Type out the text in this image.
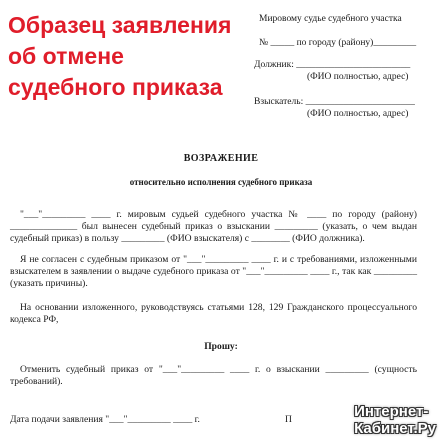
Образец заявления
об отмене
судебного приказа
Мировому судье судебного участка
№ _____ по городу (району)_________
Должник: ________________________
(ФИО полностью, адрес)
Взыскатель: _______________________
(ФИО полностью, адрес)
ВОЗРАЖЕНИЕ
относительно исполнения судебного приказа
"___"_________ ____ г. мировым судьей судебного участка № ____ по городу (району) ______________ был вынесен судебный приказ о взыскании _________ (указать, о чем выдан судебный приказ) в пользу _________ (ФИО взыскателя) с ________ (ФИО должника).
Я не согласен с судебным приказом от "___"_________ ____ г. и с требованиями, изложенными взыскателем в заявлении о выдаче судебного приказа от "___"_________ ____ г., так как _________ (указать причины).
На основании изложенного, руководствуясь статьями 128, 129 Гражданского процессуального кодекса РФ,
Прошу:
Отменить судебный приказ от "___"_________ ____ г. о взыскании _________ (сущность требований).
Дата подачи заявления "___"_________ ____ г.	П	Интернет-
Кабинет.Ру
